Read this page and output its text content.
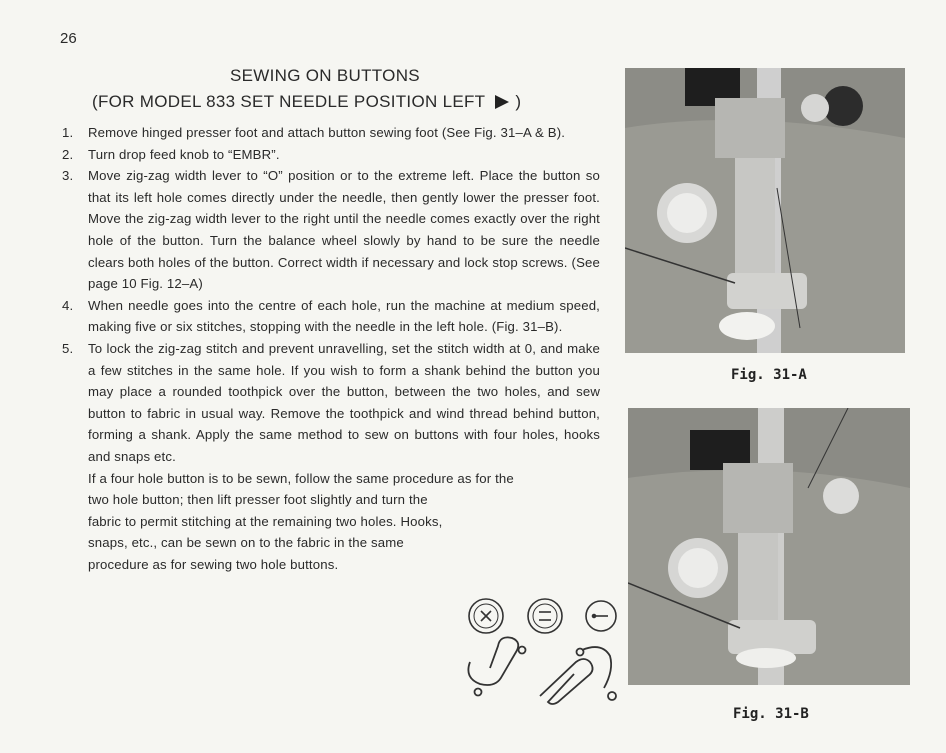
26
SEWING ON BUTTONS
(FOR MODEL 833 SET NEEDLE POSITION LEFT )
1. Remove hinged presser foot and attach button sewing foot (See Fig. 31–A & B).
2. Turn drop feed knob to “EMBR”.
3. Move zig-zag width lever to “O” position or to the extreme left. Place the button so that its left hole comes directly under the needle, then gently lower the presser foot. Move the zig-zag width lever to the right until the needle comes exactly over the right hole of the button. Turn the balance wheel slowly by hand to be sure the needle clears both holes of the button. Correct width if necessary and lock stop screws. (See page 10 Fig. 12–A)
4. When needle goes into the centre of each hole, run the machine at medium speed, making five or six stitches, stopping with the needle in the left hole. (Fig. 31–B).
5. To lock the zig-zag stitch and prevent unravelling, set the stitch width at 0, and make a few stitches in the same hole. If you wish to form a shank behind the button you may place a rounded toothpick over the button, between the two holes, and sew button to fabric in usual way. Remove the toothpick and wind thread behind button, forming a shank. Apply the same method to sew on buttons with four holes, hooks and snaps etc.
If a four hole button is to be sewn, follow the same procedure as for the
two hole button; then lift presser foot slightly and turn the fabric to permit stitching at the remaining two holes. Hooks, snaps, etc., can be sewn on to the fabric in the same procedure as for sewing two hole buttons.
Fig. 31-A
Fig. 31-B
